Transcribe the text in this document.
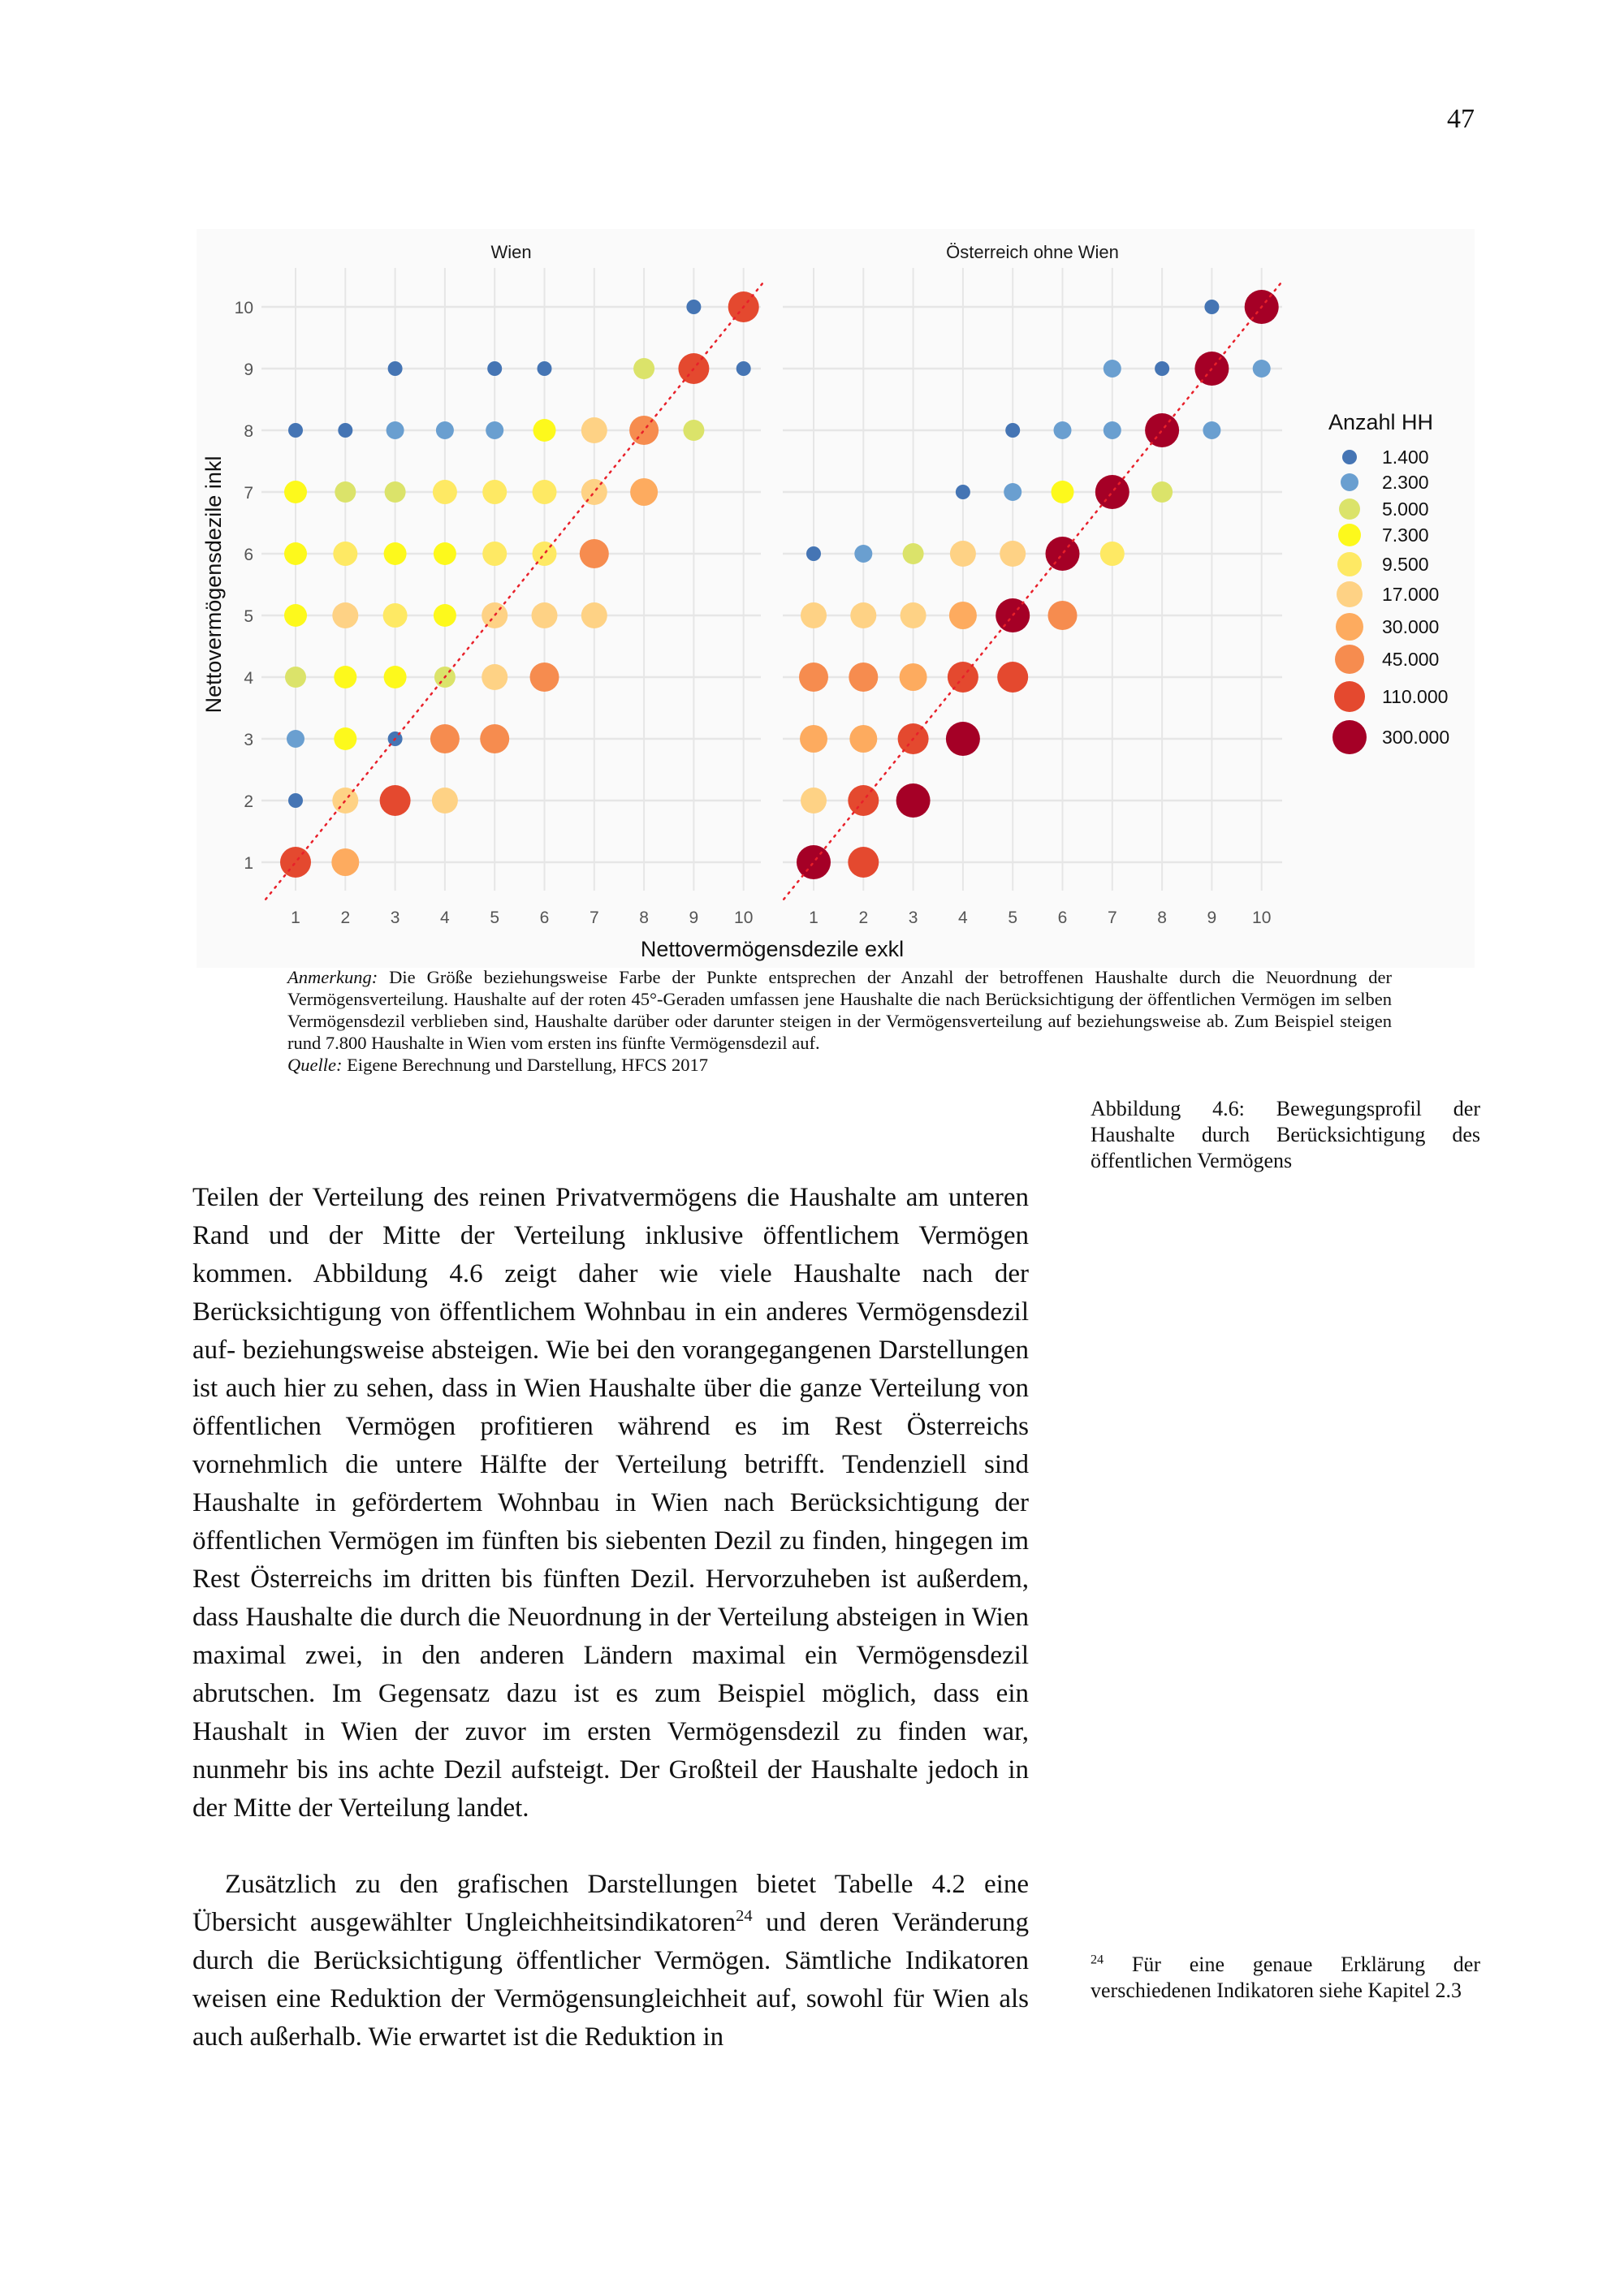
47
Wien
1 2 3 4 5 6 7 8 9 10
Österreich ohne Wien
1 2 3 4 5 6 7 8 9 10
1
2
3
4
5
6
7
8
9
10
Nettovermögensdezile inkl
Nettovermögensdezile exkl
Anzahl HH
1.400
2.300
5.000
7.300
9.500
17.000
30.000
45.000
110.000
300.000
Anmerkung: Die Größe beziehungsweise Farbe der Punkte entsprechen der Anzahl der betroffenen Haushalte durch die Neuordnung der Vermögensverteilung. Haushalte auf der roten 45°-Geraden umfassen jene Haushalte die nach Berücksichtigung der öffentlichen Vermögen im selben Vermögensdezil verblieben sind, Haushalte darüber oder darunter steigen in der Vermögensverteilung auf beziehungsweise ab. Zum Beispiel steigen rund 7.800 Haushalte in Wien vom ersten ins fünfte Vermögensdezil auf.
Quelle: Eigene Berechnung und Darstellung, HFCS 2017
Abbildung 4.6: Bewegungsprofil der Haushalte durch Berücksichtigung des öffentlichen Vermögens

Teilen der Verteilung des reinen Privatvermögens die Haushalte am unteren Rand und der Mitte der Verteilung inklusive öffentlichem Vermögen kommen. Abbildung 4.6 zeigt daher wie viele Haushalte nach der Berücksichtigung von öffentlichem Wohnbau in ein anderes Vermögensdezil auf- beziehungsweise absteigen. Wie bei den vorangegangenen Darstellungen ist auch hier zu sehen, dass in Wien Haushalte über die ganze Verteilung von öffentlichen Vermögen profitieren während es im Rest Österreichs vornehmlich die untere Hälfte der Verteilung betrifft. Tendenziell sind Haushalte in gefördertem Wohnbau in Wien nach Berücksichtigung der öffentlichen Vermögen im fünften bis siebenten Dezil zu finden, hingegen im Rest Österreichs im dritten bis fünften Dezil. Hervorzuheben ist außerdem, dass Haushalte die durch die Neuordnung in der Verteilung absteigen in Wien maximal zwei, in den anderen Ländern maximal ein Vermögensdezil abrutschen. Im Gegensatz dazu ist es zum Beispiel möglich, dass ein Haushalt in Wien der zuvor im ersten Vermögensdezil zu finden war, nunmehr bis ins achte Dezil aufsteigt. Der Großteil der Haushalte jedoch in der Mitte der Verteilung landet.

Zusätzlich zu den grafischen Darstellungen bietet Tabelle 4.2 eine Übersicht ausgewählter Ungleichheitsindikatoren$^{24}$ und deren Veränderung durch die Berücksichtigung öffentlicher Vermögen. Sämtliche Indikatoren weisen eine Reduktion der Vermögensungleichheit auf, sowohl für Wien als auch außerhalb. Wie erwartet ist die Reduktion in

$^{24}$ Für eine genaue Erklärung der verschiedenen Indikatoren siehe Kapitel 2.3
